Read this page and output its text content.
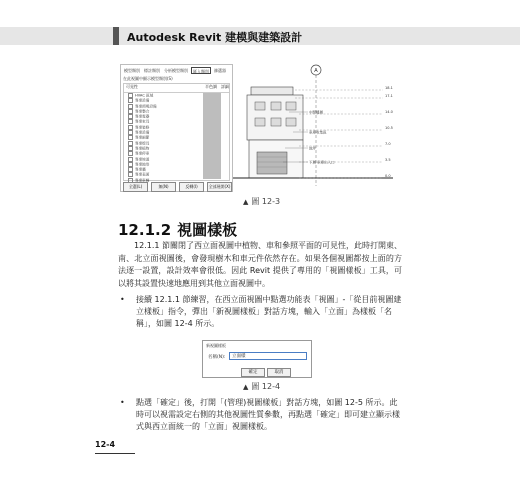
Autodesk Revit 建模與建築設計
模型類別 標註類別 分析模型類別	匯入類別	篩選器
在此視圖中顯示模型類別(S)
可見性	半色調	詳細
HVAC 區域
專業設備
專業照明設備
專業整合
專業電器
專業家具
專業裝修
專業設備
專業細節
專業燈具
專業植物
專業停車
專業坡道
專業地形
專業牆
專業表面
專業車輛
全選(L)	無(N)	反轉(I)	全部展開(X)
A
中間樓層
車庫收集區
地坪
下層 車庫出入口
18.1
17.1
14.0
10.5
7.0
3.5
0.0
▲ 圖 12-3
12.1.2 視圖樣板
12.1.1 節關閉了西立面視圖中植物、車和參照平面的可見性，此時打開東、南、北立面視圖後，會發現樹木和車元件依然存在。如果各個視圖都按上面的方法逐一設置，設計效率會很低。因此 Revit 提供了專用的「視圖樣板」工具，可以將其設置快速地應用到其他立面視圖中。
• 接續 12.1.1 節練習，在西立面視圖中點選功能表「視圖」-「從目前視圖建立樣板」指令，彈出「新視圖樣板」對話方塊，輸入「立面」為樣板「名稱」，如圖 12-4 所示。
新視圖樣板
名稱(N):	立面樣
確定	取消
▲ 圖 12-4
• 點選「確定」後，打開「(管理)視圖樣板」對話方塊，如圖 12-5 所示。此時可以視需設定右側的其他視圖性質參數，再點選「確定」即可建立顯示樣式與西立面統一的「立面」視圖樣板。
12-4
